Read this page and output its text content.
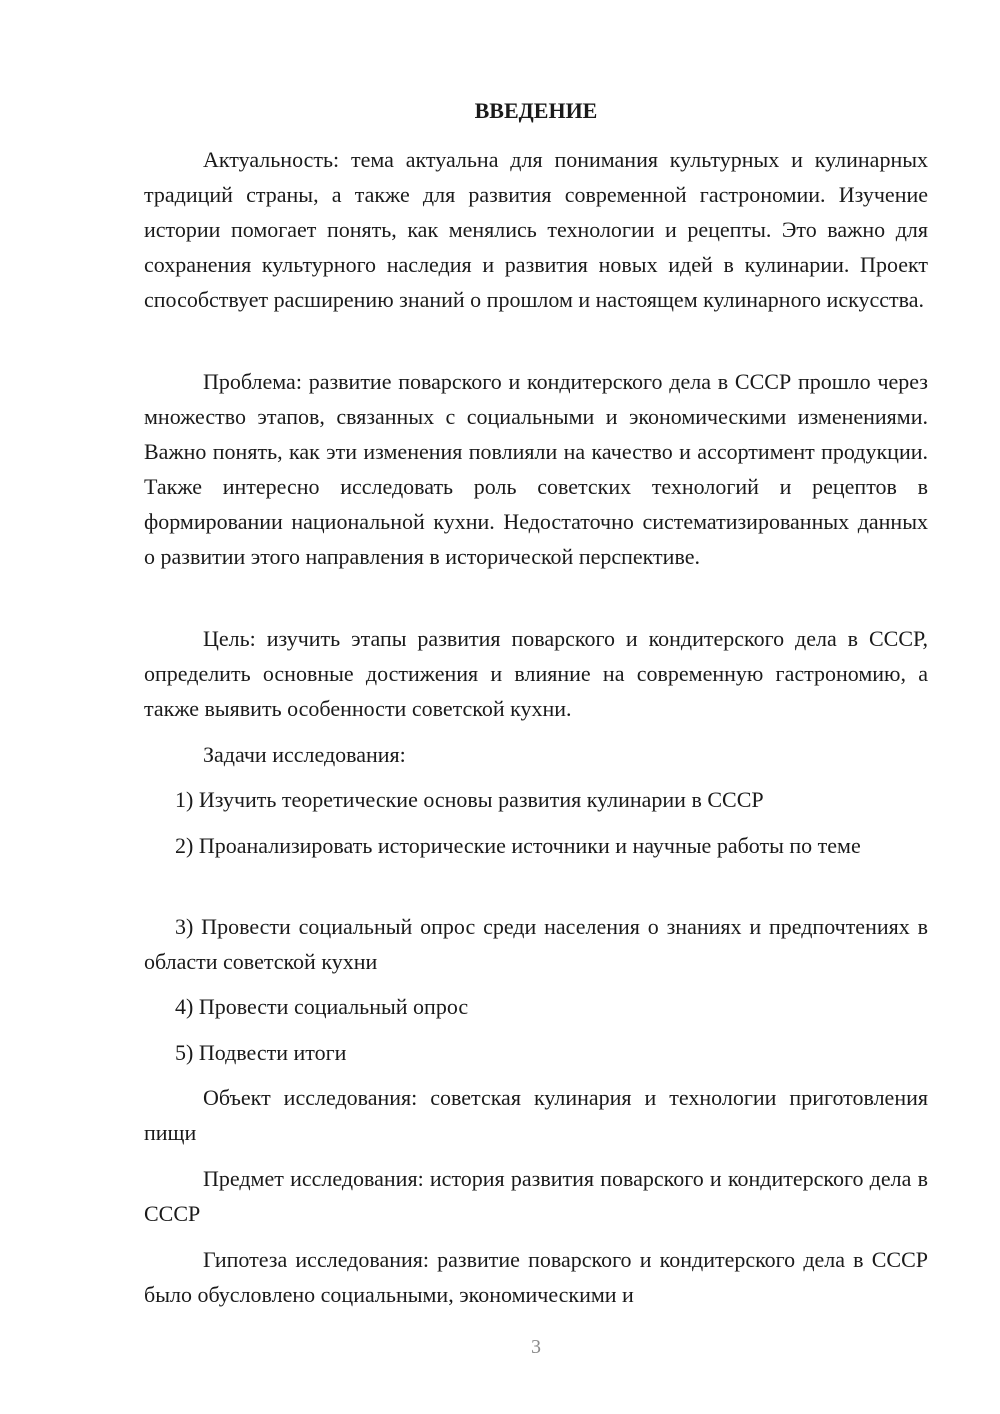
ВВЕДЕНИЕ
Актуальность: тема актуальна для понимания культурных и кулинарных традиций страны, а также для развития современной гастрономии. Изучение истории помогает понять, как менялись технологии и рецепты. Это важно для сохранения культурного наследия и развития новых идей в кулинарии. Проект способствует расширению знаний о прошлом и настоящем кулинарного искусства.
Проблема: развитие поварского и кондитерского дела в СССР прошло через множество этапов, связанных с социальными и экономическими изменениями. Важно понять, как эти изменения повлияли на качество и ассортимент продукции. Также интересно исследовать роль советских технологий и рецептов в формировании национальной кухни. Недостаточно систематизированных данных о развитии этого направления в исторической перспективе.
Цель: изучить этапы развития поварского и кондитерского дела в СССР, определить основные достижения и влияние на современную гастрономию, а также выявить особенности советской кухни.
Задачи исследования:
1) Изучить теоретические основы развития кулинарии в СССР
2) Проанализировать исторические источники и научные работы по теме
3) Провести социальный опрос среди населения о знаниях и предпочтениях в области советской кухни
4) Провести социальный опрос
5) Подвести итоги
Объект исследования: советская кулинария и технологии приготовления пищи
Предмет исследования: история развития поварского и кондитерского дела в СССР
Гипотеза исследования: развитие поварского и кондитерского дела в СССР было обусловлено социальными, экономическими и
3
